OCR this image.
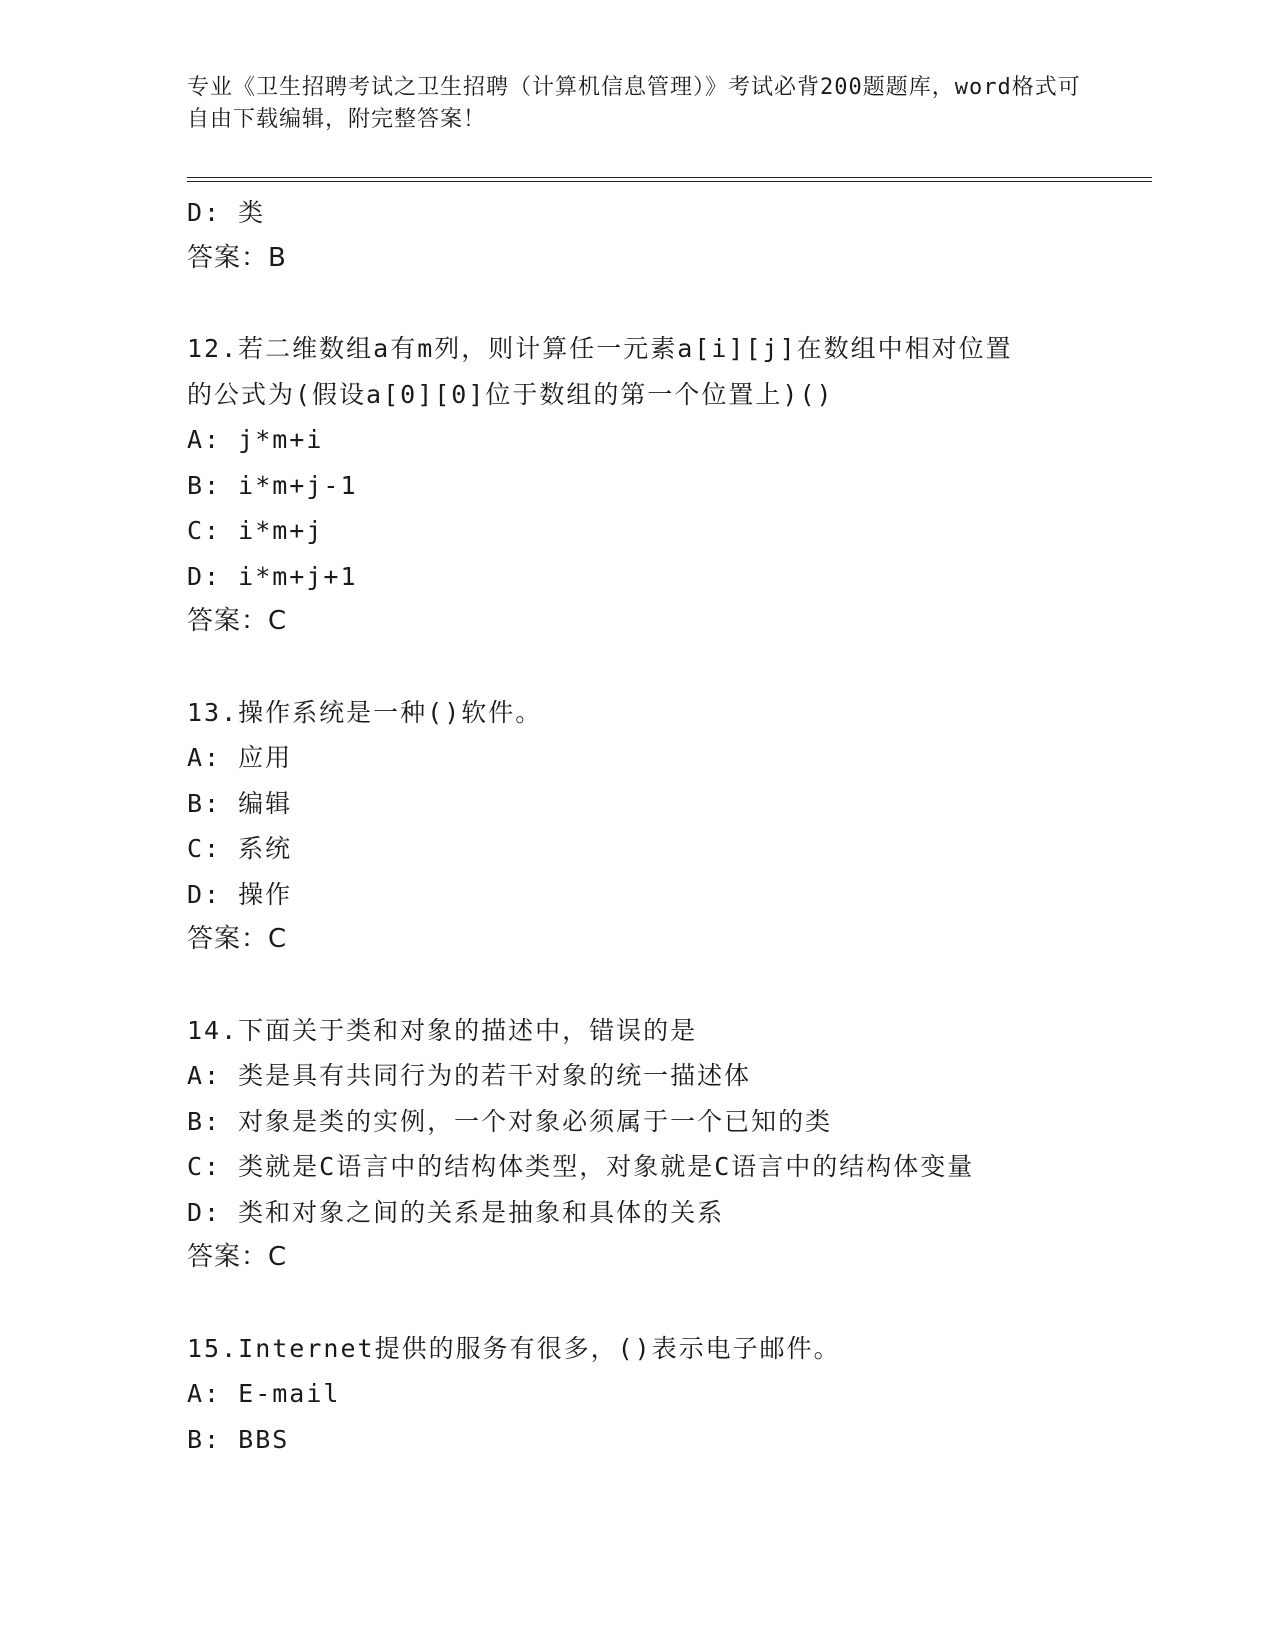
专业《卫生招聘考试之卫生招聘（计算机信息管理）》考试必背200题题库，word格式可自由下载编辑，附完整答案！
D: 类
答案：B
12.若二维数组a有m列，则计算任一元素a[i][j]在数组中相对位置
的公式为(假设a[0][0]位于数组的第一个位置上)()
A: j*m+i
B: i*m+j-1
C: i*m+j
D: i*m+j+1
答案：C
13.操作系统是一种()软件。
A: 应用
B: 编辑
C: 系统
D: 操作
答案：C
14.下面关于类和对象的描述中，错误的是
A: 类是具有共同行为的若干对象的统一描述体
B: 对象是类的实例，一个对象必须属于一个已知的类
C: 类就是C语言中的结构体类型，对象就是C语言中的结构体变量
D: 类和对象之间的关系是抽象和具体的关系
答案：C
15.Internet提供的服务有很多，()表示电子邮件。
A: E-mail
B: BBS
